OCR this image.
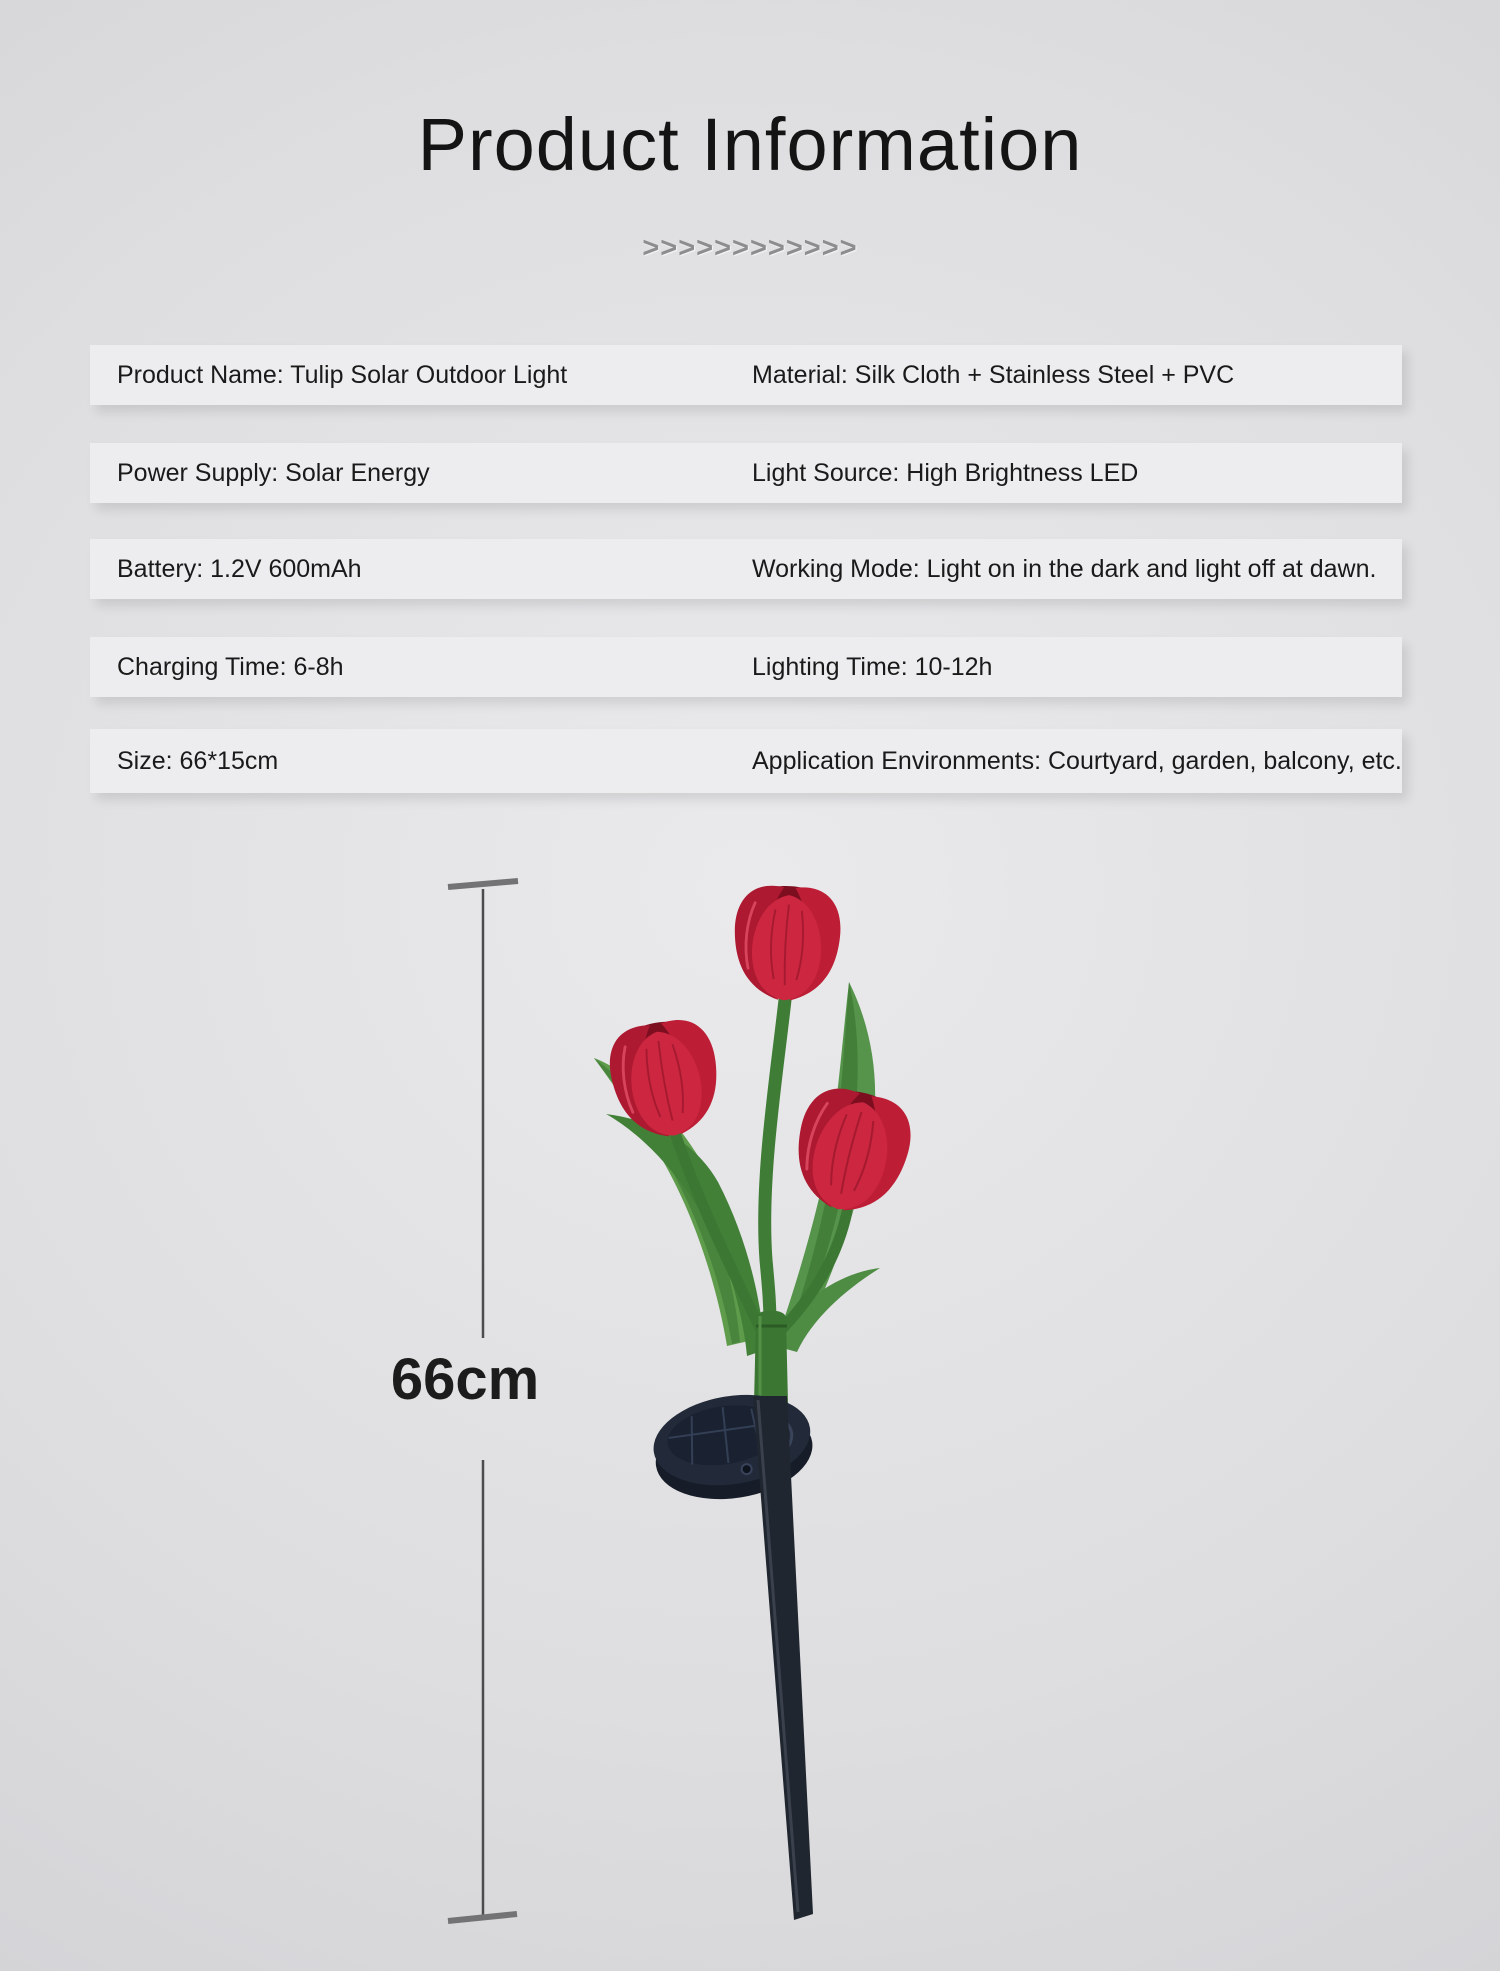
Product Information
>>>>>>>>>>>>
Product Name: Tulip Solar Outdoor Light	Material: Silk Cloth + Stainless Steel + PVC
Power Supply: Solar Energy	Light Source: High Brightness LED
Battery: 1.2V 600mAh	Working Mode: Light on in the dark and light off at dawn.
Charging Time: 6-8h	Lighting Time: 10-12h
Size: 66*15cm	Application Environments: Courtyard, garden, balcony, etc.
66cm
